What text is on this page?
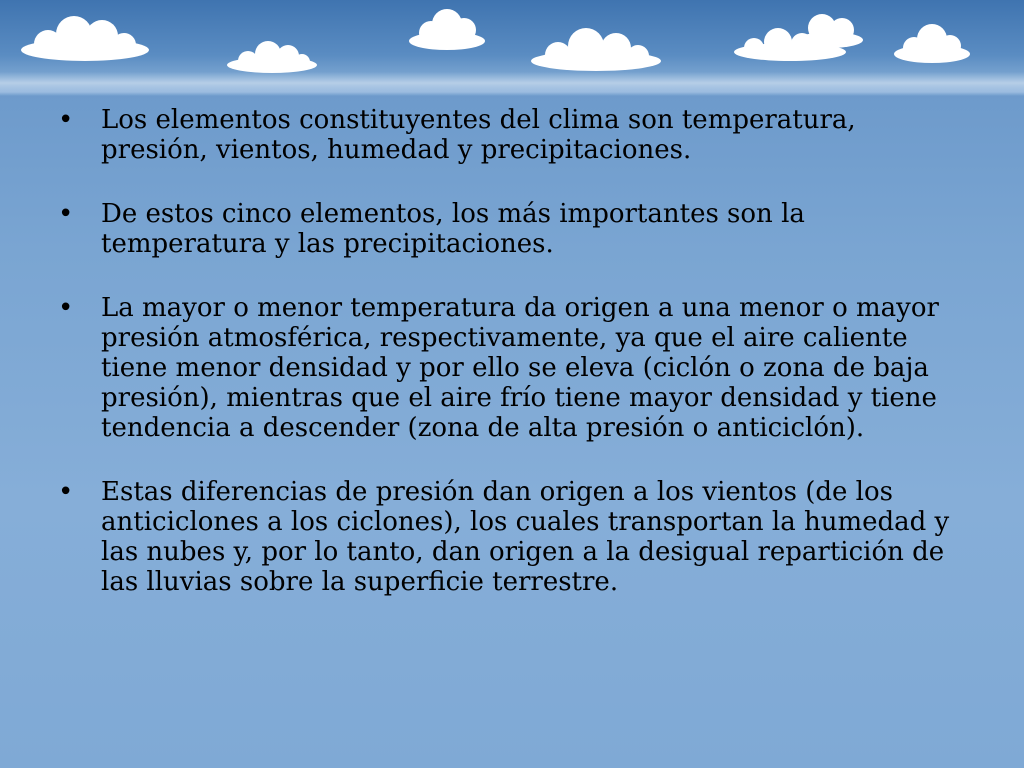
• Los elementos constituyentes del clima son temperatura, presión, vientos, humedad y precipitaciones.
• De estos cinco elementos, los más importantes son la temperatura y las precipitaciones.
• La mayor o menor temperatura da origen a una menor o mayor presión atmosférica, respectivamente, ya que el aire caliente tiene menor densidad y por ello se eleva (ciclón o zona de baja presión), mientras que el aire frío tiene mayor densidad y tiene tendencia a descender (zona de alta presión o anticiclón).
• Estas diferencias de presión dan origen a los vientos (de los anticiclones a los ciclones), los cuales transportan la humedad y las nubes y, por lo tanto, dan origen a la desigual repartición de las lluvias sobre la superficie terrestre.
